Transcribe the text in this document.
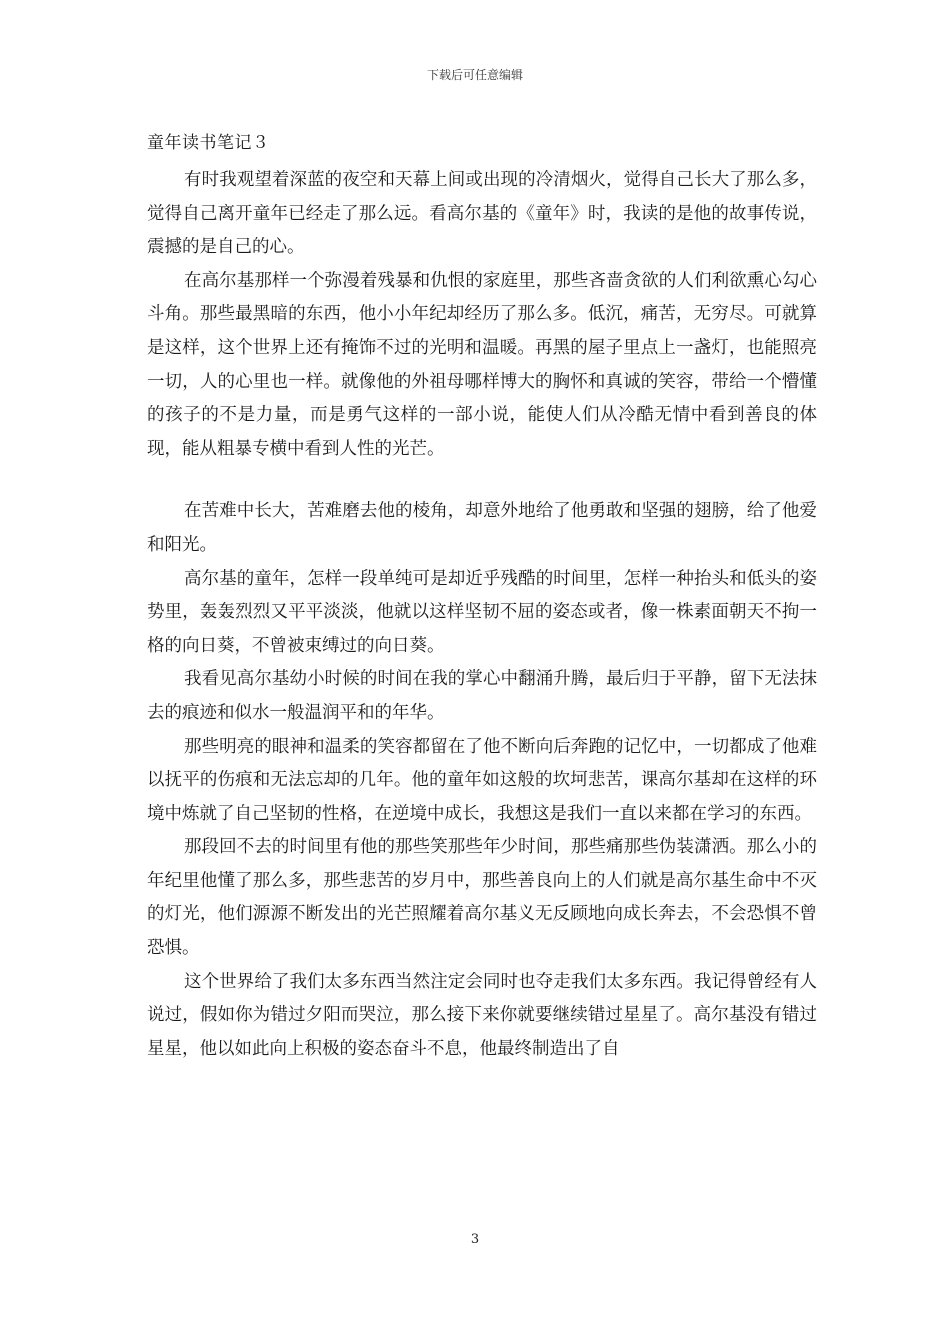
下载后可任意编辑
童年读书笔记３

有时我观望着深蓝的夜空和天幕上间或出现的冷清烟火，觉得自己长大了那么多，觉得自己离开童年已经走了那么远。看高尔基的《童年》时，我读的是他的故事传说，震撼的是自己的心。

在高尔基那样一个弥漫着残暴和仇恨的家庭里，那些吝啬贪欲的人们利欲熏心勾心斗角。那些最黑暗的东西，他小小年纪却经历了那么多。低沉，痛苦，无穷尽。可就算是这样，这个世界上还有掩饰不过的光明和温暖。再黑的屋子里点上一盏灯，也能照亮一切，人的心里也一样。就像他的外祖母哪样博大的胸怀和真诚的笑容，带给一个懵懂的孩子的不是力量，而是勇气这样的一部小说，能使人们从冷酷无情中看到善良的体现，能从粗暴专横中看到人性的光芒。

在苦难中长大，苦难磨去他的棱角，却意外地给了他勇敢和坚强的翅膀，给了他爱和阳光。

高尔基的童年，怎样一段单纯可是却近乎残酷的时间里，怎样一种抬头和低头的姿势里，轰轰烈烈又平平淡淡，他就以这样坚韧不屈的姿态或者，像一株素面朝天不拘一格的向日葵，不曾被束缚过的向日葵。

我看见高尔基幼小时候的时间在我的掌心中翻涌升腾，最后归于平静，留下无法抹去的痕迹和似水一般温润平和的年华。

那些明亮的眼神和温柔的笑容都留在了他不断向后奔跑的记忆中，一切都成了他难以抚平的伤痕和无法忘却的几年。他的童年如这般的坎坷悲苦，课高尔基却在这样的环境中炼就了自己坚韧的性格，在逆境中成长，我想这是我们一直以来都在学习的东西。

那段回不去的时间里有他的那些笑那些年少时间，那些痛那些伪装潇洒。那么小的年纪里他懂了那么多，那些悲苦的岁月中，那些善良向上的人们就是高尔基生命中不灭的灯光，他们源源不断发出的光芒照耀着高尔基义无反顾地向成长奔去，不会恐惧不曾恐惧。

这个世界给了我们太多东西当然注定会同时也夺走我们太多东西。我记得曾经有人说过，假如你为错过夕阳而哭泣，那么接下来你就要继续错过星星了。高尔基没有错过星星，他以如此向上积极的姿态奋斗不息，他最终制造出了自

3
